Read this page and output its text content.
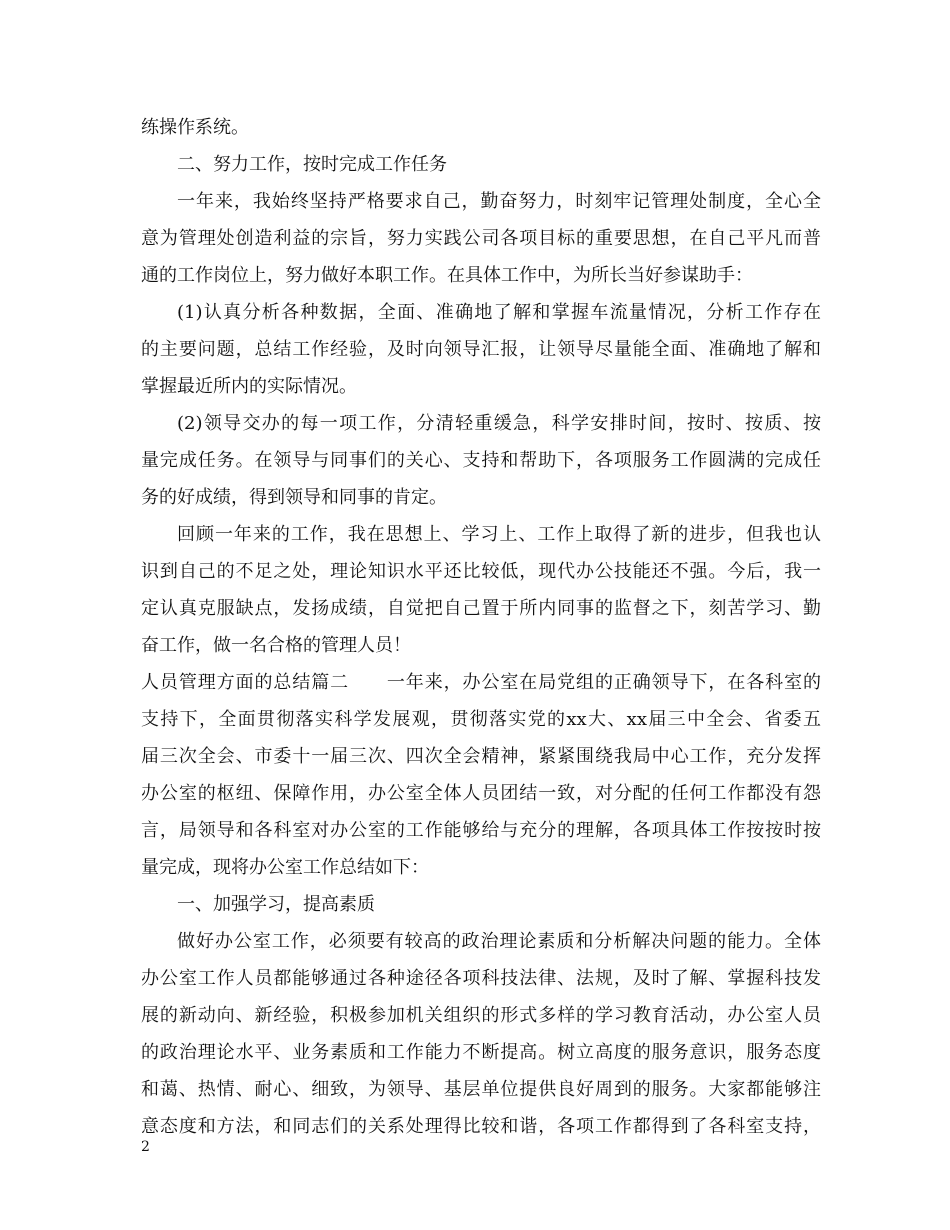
练操作系统。
二、努力工作，按时完成工作任务
一年来，我始终坚持严格要求自己，勤奋努力，时刻牢记管理处制度，全心全
意为管理处创造利益的宗旨，努力实践公司各项目标的重要思想，在自己平凡而普
通的工作岗位上，努力做好本职工作。在具体工作中，为所长当好参谋助手：
(1)认真分析各种数据，全面、准确地了解和掌握车流量情况，分析工作存在
的主要问题，总结工作经验，及时向领导汇报，让领导尽量能全面、准确地了解和
掌握最近所内的实际情况。
(2)领导交办的每一项工作，分清轻重缓急，科学安排时间，按时、按质、按
量完成任务。在领导与同事们的关心、支持和帮助下，各项服务工作圆满的完成任
务的好成绩，得到领导和同事的肯定。
回顾一年来的工作，我在思想上、学习上、工作上取得了新的进步，但我也认
识到自己的不足之处，理论知识水平还比较低，现代办公技能还不强。今后，我一
定认真克服缺点，发扬成绩，自觉把自己置于所内同事的监督之下，刻苦学习、勤
奋工作，做一名合格的管理人员！
人员管理方面的总结篇二　　一年来，办公室在局党组的正确领导下，在各科室的
支持下，全面贯彻落实科学发展观，贯彻落实党的xx大、xx届三中全会、省委五
届三次全会、市委十一届三次、四次全会精神，紧紧围绕我局中心工作，充分发挥
办公室的枢纽、保障作用，办公室全体人员团结一致，对分配的任何工作都没有怨
言，局领导和各科室对办公室的工作能够给与充分的理解，各项具体工作按按时按
量完成，现将办公室工作总结如下：
一、加强学习，提高素质
做好办公室工作，必须要有较高的政治理论素质和分析解决问题的能力。全体
办公室工作人员都能够通过各种途径各项科技法律、法规，及时了解、掌握科技发
展的新动向、新经验，积极参加机关组织的形式多样的学习教育活动，办公室人员
的政治理论水平、业务素质和工作能力不断提高。树立高度的服务意识，服务态度
和蔼、热情、耐心、细致，为领导、基层单位提供良好周到的服务。大家都能够注
意态度和方法，和同志们的关系处理得比较和谐，各项工作都得到了各科室支持，
2
